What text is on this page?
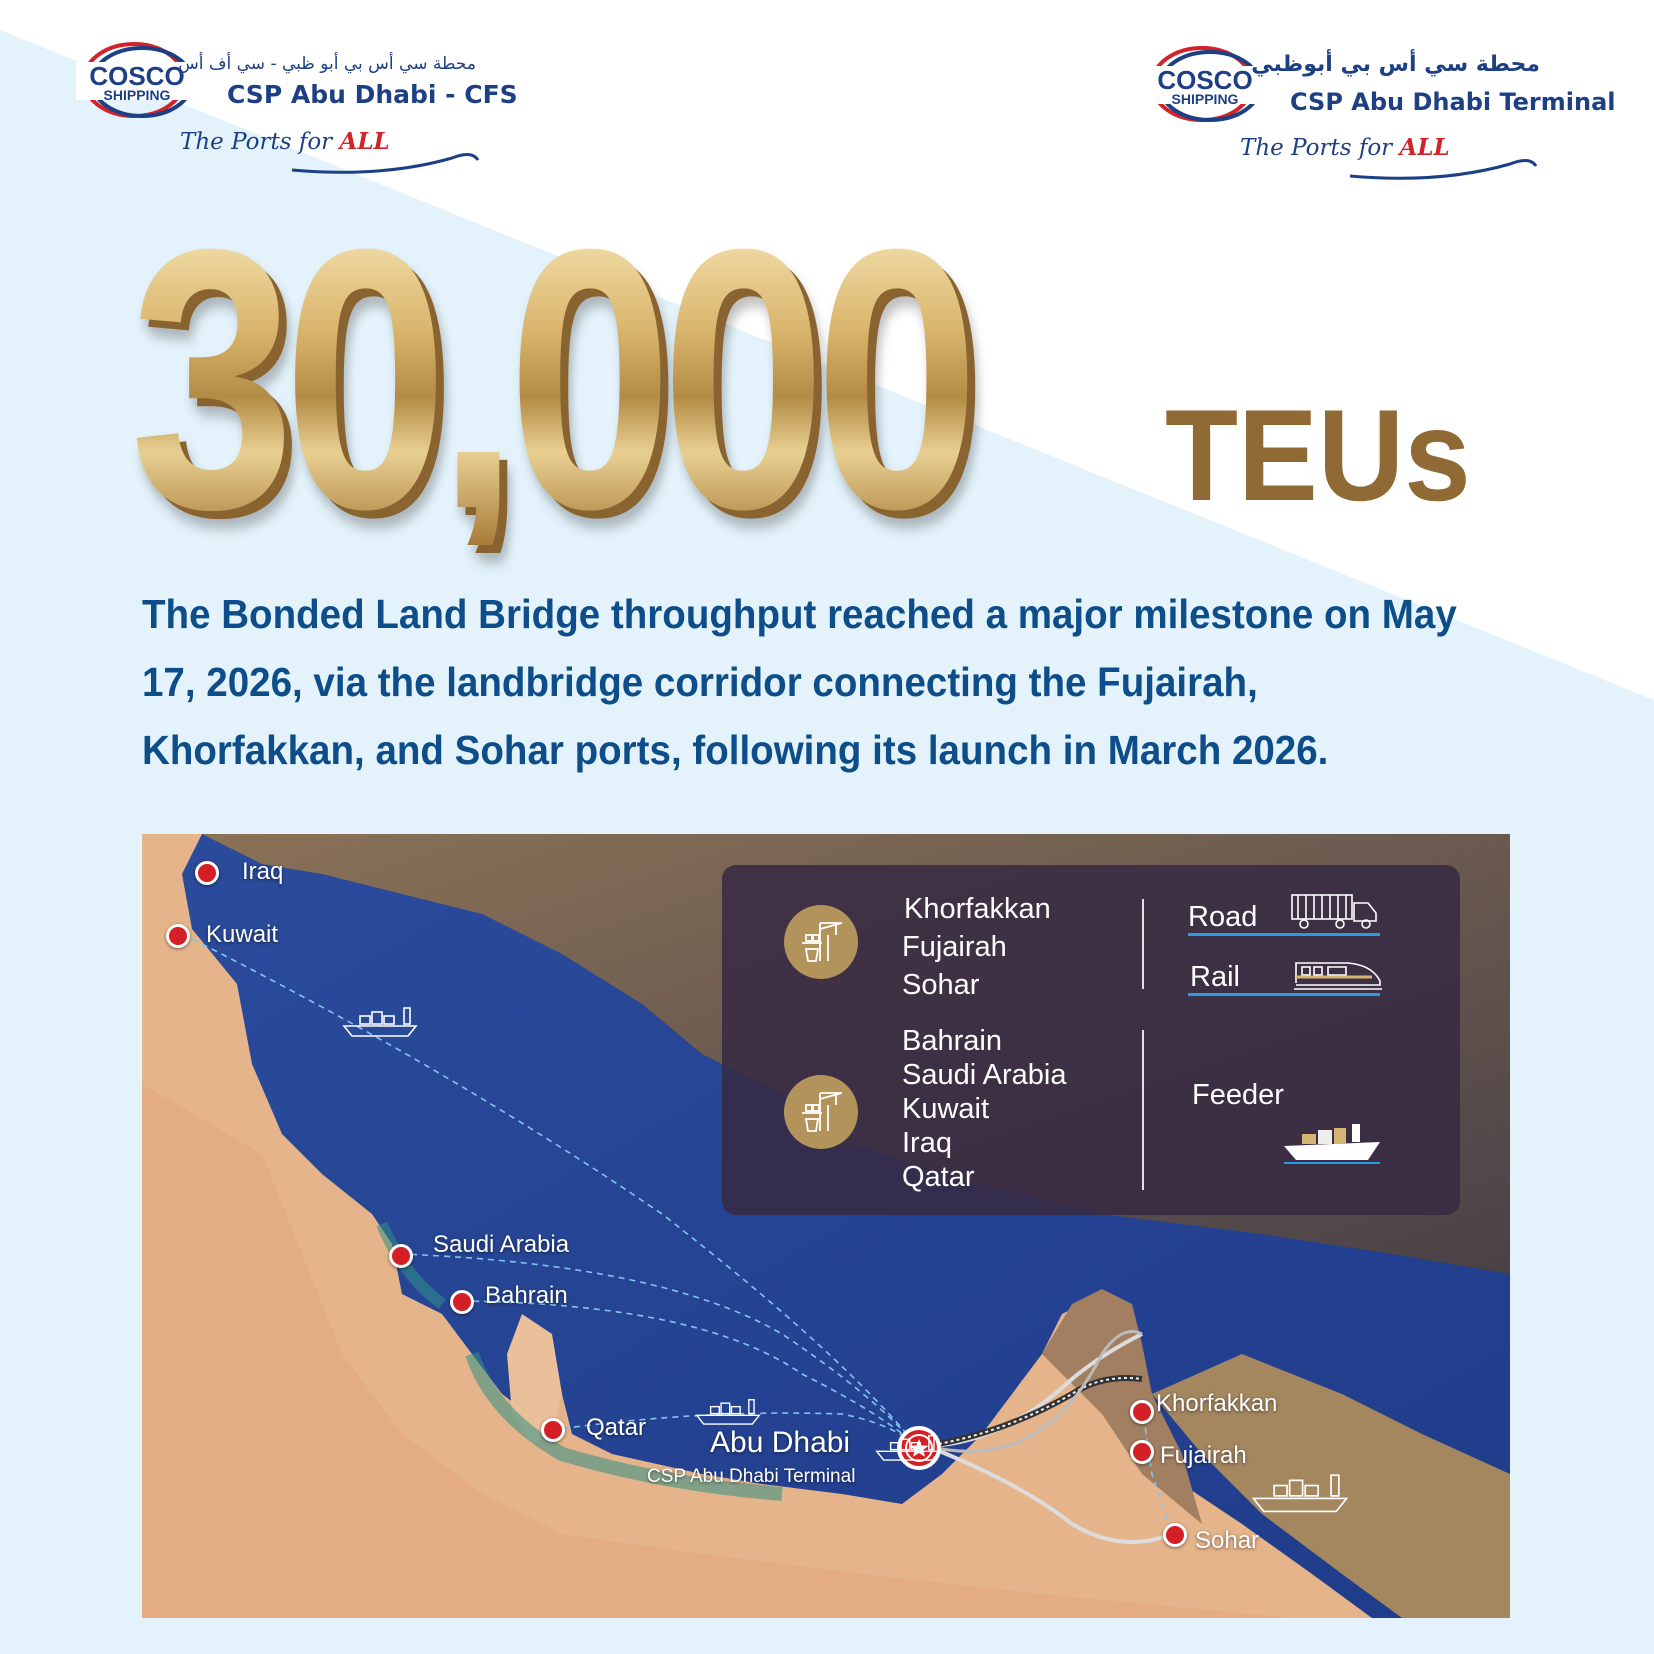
COSCO
SHIPPING
محطة سي أس بي أبو ظبي - سي أف أس
CSP Abu Dhabi - CFS
The Ports for ALL
COSCO
SHIPPING
محطة سي أس بي أبوظبي
CSP Abu Dhabi Terminal
The Ports for ALL
30,000 TEUs
The Bonded Land Bridge throughput reached a major milestone on May 17, 2026, via the landbridge corridor connecting the Fujairah, Khorfakkan, and Sohar ports, following its launch in March 2026.
Iraq
Kuwait
Saudi Arabia
Bahrain
Qatar
Khorfakkan
Fujairah
Sohar
Abu Dhabi
CSP Abu Dhabi Terminal
Khorfakkan
Fujairah
Sohar
Bahrain
Saudi Arabia
Kuwait
Iraq
Qatar
Road
Rail
Feeder
